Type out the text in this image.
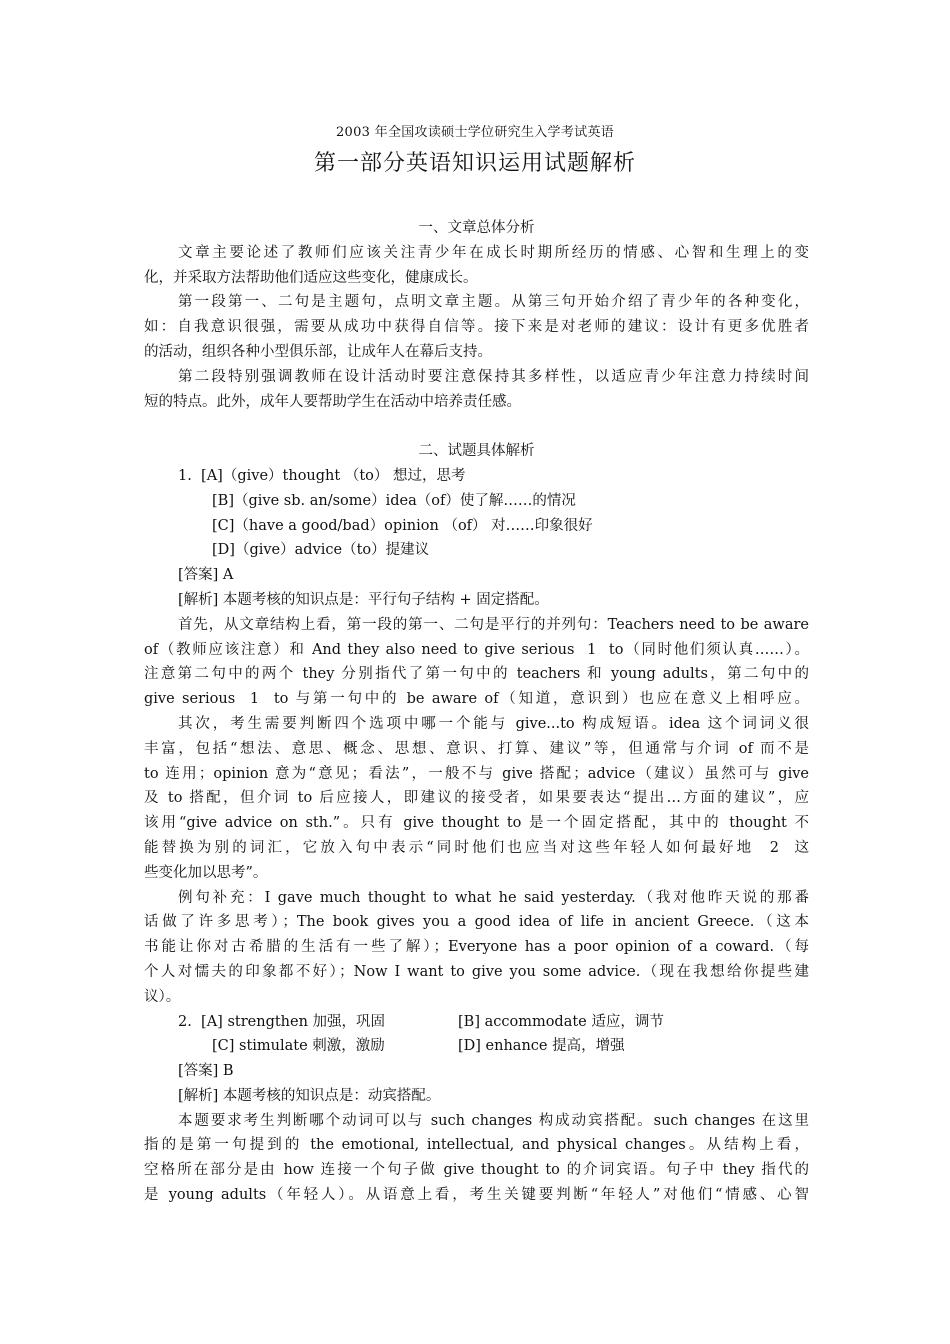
2003 年全国攻读硕士学位研究生入学考试英语
第一部分英语知识运用试题解析
一、文章总体分析
文章主要论述了教师们应该关注青少年在成长时期所经历的情感、心智和生理上的变
化，并采取方法帮助他们适应这些变化，健康成长。
第一段第一、二句是主题句，点明文章主题。从第三句开始介绍了青少年的各种变化，
如：自我意识很强，需要从成功中获得自信等。接下来是对老师的建议：设计有更多优胜者
的活动，组织各种小型俱乐部，让成年人在幕后支持。
第二段特别强调教师在设计活动时要注意保持其多样性，以适应青少年注意力持续时间
短的特点。此外，成年人要帮助学生在活动中培养责任感。
二、试题具体解析
1.  [A]（give）thought （to） 想过，思考
[B]（give sb. an/some）idea（of）使了解……的情况
[C]（have a good/bad）opinion （of） 对……印象很好
[D]（give）advice（to）提建议
[答案] A
[解析] 本题考核的知识点是：平行句子结构 + 固定搭配。
首先，从文章结构上看，第一段的第一、二句是平行的并列句：Teachers need to be aware
of（教师应该注意）和 And they also need to give serious  1  to（同时他们须认真……）。
注意第二句中的两个 they 分别指代了第一句中的 teachers 和 young adults，第二句中的
give serious  1  to 与第一句中的 be aware of（知道，意识到）也应在意义上相呼应。
其次，考生需要判断四个选项中哪一个能与 give...to 构成短语。idea 这个词词义很
丰富，包括“想法、意思、概念、思想、意识、打算、建议”等，但通常与介词 of 而不是
to 连用；opinion 意为“意见；看法”，一般不与 give 搭配；advice（建议）虽然可与 give
及 to 搭配，但介词 to 后应接人，即建议的接受者，如果要表达“提出…方面的建议”，应
该用“give advice on sth.”。只有 give thought to 是一个固定搭配，其中的 thought 不
能替换为别的词汇，它放入句中表示“同时他们也应当对这些年轻人如何最好地  2  这
些变化加以思考”。
例句补充：I gave much thought to what he said yesterday.（我对他昨天说的那番
话做了许多思考）；The book gives you a good idea of life in ancient Greece.（这本
书能让你对古希腊的生活有一些了解）；Everyone has a poor opinion of a coward.（每
个人对懦夫的印象都不好）；Now I want to give you some advice.（现在我想给你提些建
议）。
2.  [A] strengthen 加强，巩固	[B] accommodate 适应，调节
[C] stimulate 刺激，激励	[D] enhance 提高，增强
[答案] B
[解析] 本题考核的知识点是：动宾搭配。
本题要求考生判断哪个动词可以与 such changes 构成动宾搭配。such changes 在这里
指的是第一句提到的 the emotional, intellectual, and physical changes。从结构上看，
空格所在部分是由 how 连接一个句子做 give thought to 的介词宾语。句子中 they 指代的
是 young adults（年轻人）。从语意上看，考生关键要判断“年轻人”对他们“情感、心智
